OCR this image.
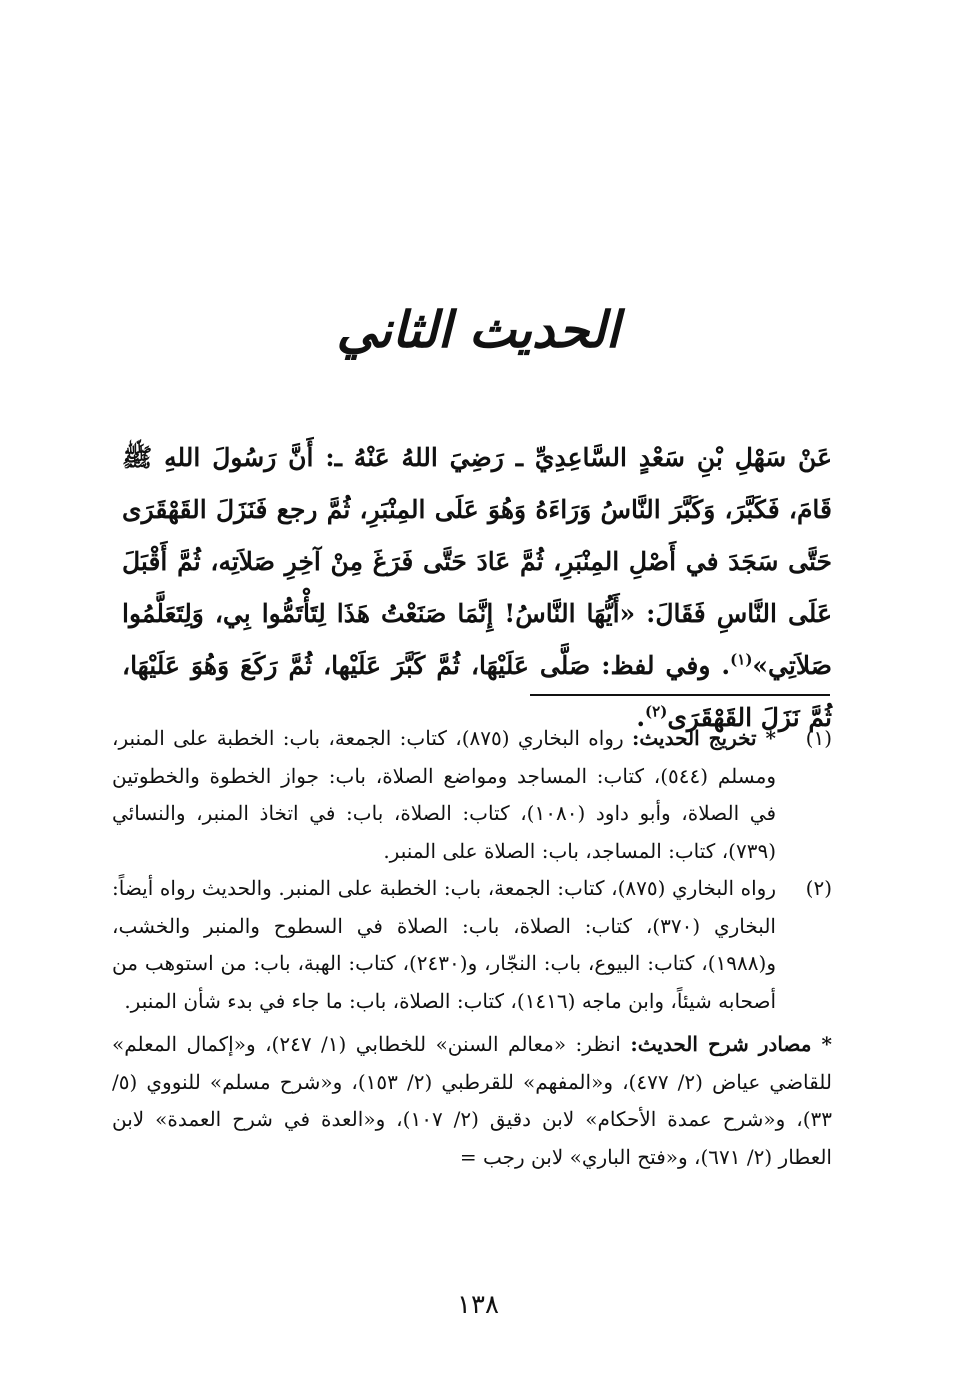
الحديث الثاني
عَنْ سَهْلِ بْنِ سَعْدٍ السَّاعِدِيِّ ـ رَضِيَ اللهُ عَنْهُ ـ: أَنَّ رَسُولَ اللهِ ﷺ قَامَ، فَكَبَّرَ، وَكَبَّرَ النَّاسُ وَرَاءَهُ وَهُوَ عَلَى المِنْبَرِ، ثُمَّ رجع فَنَزَلَ القَهْقَرَى حَتَّى سَجَدَ في أَصْلِ المِنْبَرِ، ثُمَّ عَادَ حَتَّى فَرَغَ مِنْ آخِرِ صَلاَتِه، ثُمَّ أَقْبَلَ عَلَى النَّاسِ فَقَالَ: «أَيُّهَا النَّاسُ! إِنَّمَا صَنَعْتُ هَذَا لِتَأْتَمُّوا بِي، وَلِتَعَلَّمُوا صَلاَتِي»$^{(١)}$. وفي لفظ: صَلَّى عَلَيْهَا، ثُمَّ كَبَّرَ عَلَيْها، ثُمَّ رَكَعَ وَهُوَ عَلَيْهَا، ثُمَّ نَزَلَ القَهْقَرَى$^{(٢)}$.
(١)
* تخريج الحديث: رواه البخاري (٨٧٥)، كتاب: الجمعة، باب: الخطبة على المنبر، ومسلم (٥٤٤)، كتاب: المساجد ومواضع الصلاة، باب: جواز الخطوة والخطوتين في الصلاة، وأبو داود (١٠٨٠)، كتاب: الصلاة، باب: في اتخاذ المنبر، والنسائي (٧٣٩)، كتاب: المساجد، باب: الصلاة على المنبر.
(٢)
رواه البخاري (٨٧٥)، كتاب: الجمعة، باب: الخطبة على المنبر. والحديث رواه أيضاً: البخاري (٣٧٠)، كتاب: الصلاة، باب: الصلاة في السطوح والمنبر والخشب، و(١٩٨٨)، كتاب: البيوع، باب: النجّار، و(٢٤٣٠)، كتاب: الهبة، باب: من استوهب من أصحابه شيئاً، وابن ماجه (١٤١٦)، كتاب: الصلاة، باب: ما جاء في بدء شأن المنبر.
* مصادر شرح الحديث: انظر: «معالم السنن» للخطابي (١/ ٢٤٧)، و«إكمال المعلم» للقاضي عياض (٢/ ٤٧٧)، و«المفهم» للقرطبي (٢/ ١٥٣)، و«شرح مسلم» للنووي (٥/ ٣٣)، و«شرح عمدة الأحكام» لابن دقيق (٢/ ١٠٧)، و«العدة في شرح العمدة» لابن العطار (٢/ ٦٧١)، و«فتح الباري» لابن رجب =
١٣٨
